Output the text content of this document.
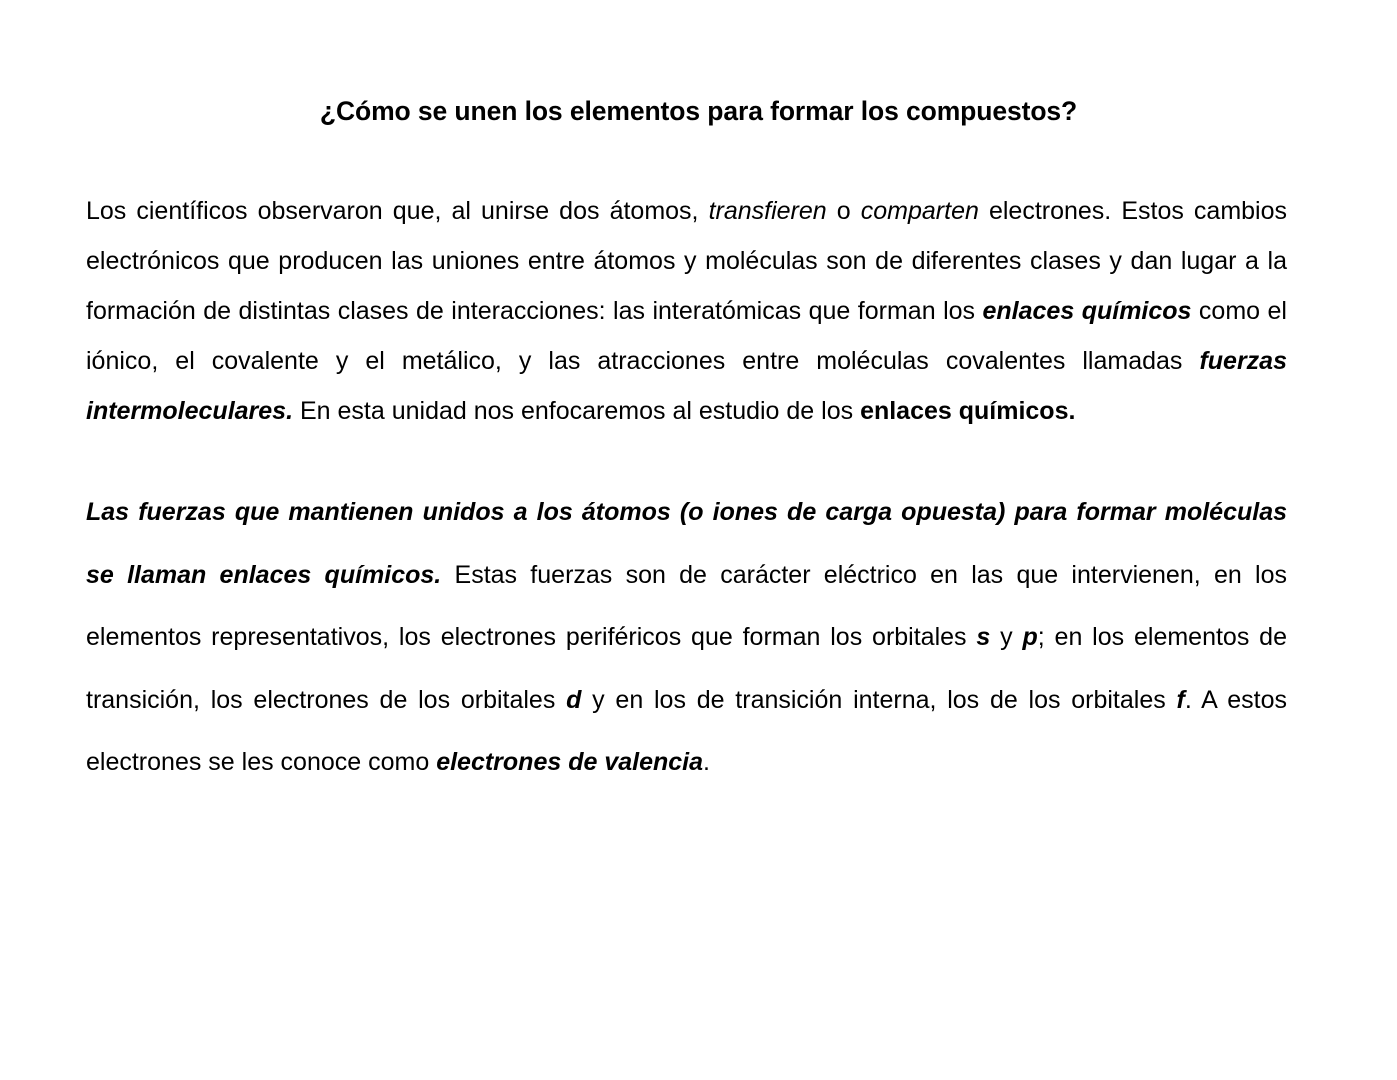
¿Cómo se unen los elementos para formar los compuestos?

Los científicos observaron que, al unirse dos átomos, transfieren o comparten electrones. Estos cambios electrónicos que producen las uniones entre átomos y moléculas son de diferentes clases y dan lugar a la formación de distintas clases de interacciones: las interatómicas que forman los enlaces químicos como el iónico, el covalente y el metálico, y las atracciones entre moléculas covalentes llamadas fuerzas intermoleculares. En esta unidad nos enfocaremos al estudio de los enlaces químicos.

Las fuerzas que mantienen unidos a los átomos (o iones de carga opuesta) para formar moléculas se llaman enlaces químicos. Estas fuerzas son de carácter eléctrico en las que intervienen, en los elementos representativos, los electrones periféricos que forman los orbitales s y p; en los elementos de transición, los electrones de los orbitales d y en los de transición interna, los de los orbitales f. A estos electrones se les conoce como electrones de valencia.
